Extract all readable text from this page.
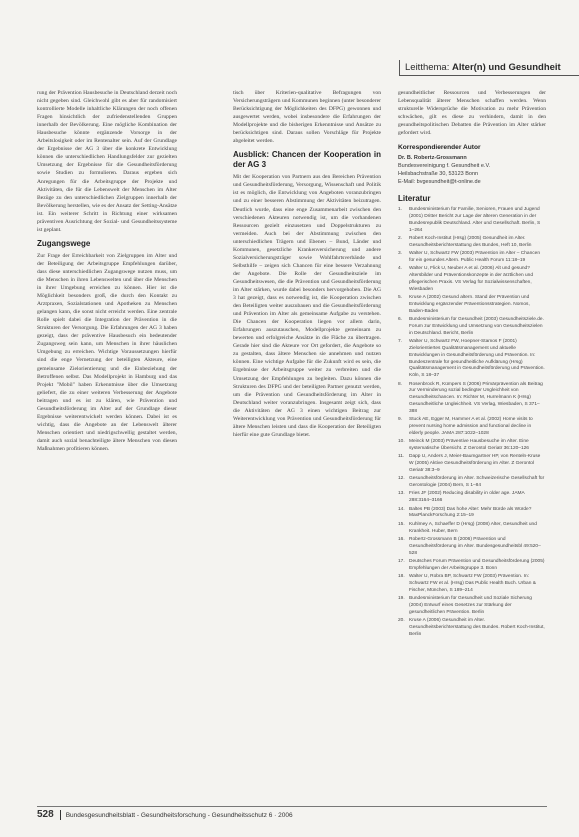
Leitthema: Alter(n) und Gesundheit

rung der Prävention Hausbesuche in Deutschland derzeit noch nicht gegeben sind. Gleichwohl gibt es aber für randomisiert kontrollierte Modelle inhaltliche Klärungen der noch offenen Fragen hinsichtlich der zufriedenstellenden Gruppen innerhalb der Bevölkerung. Eine mögliche Kombination der Hausbesuche könnte ergänzende Vorsorge in der Arbeitslosigkeit oder im Rentenalter sein. Auf der Grundlage der Ergebnisse der AG 3 über die konkrete Entwicklung können die unterschiedlichen Handlungsfelder zur gezielten Umsetzung der Ergebnisse für die Gesundheitsförderung sowie Studien zu formulieren. Daraus ergeben sich Anregungen für die Arbeitsgruppe der Projekte und Aktivitäten, die für die Lebenswelt der Menschen im Alter Bezüge zu den unterschiedlichen Zielgruppen innerhalb der Bevölkerung herstellen, wie es der Ansatz der Setting-Ansätze ist. Ein weiterer Schritt in Richtung einer wirksamen präventiven Ausrichtung der Sozial- und Gesundheitssysteme ist geplant.

Zugangswege

Zur Frage der Erreichbarkeit von Zielgruppen im Alter und der Beteiligung der Arbeitsgruppe Empfehlungen darüber, dass diese unterschiedlichen Zugangswege nutzen muss, um die Menschen in ihren Lebenswelten und über die Menschen in ihrer Umgebung erreichen zu können. Hier ist die Möglichkeit besonders groß, die durch den Kontakt zu Arztpraxen, Sozialstationen und Apotheken zu Menschen gelangen kann, die sonst nicht erreicht werden. Eine zentrale Rolle spielt dabei die Integration der Prävention in die Strukturen der Versorgung. Die Erfahrungen der AG 3 haben gezeigt, dass der präventive Hausbesuch ein bedeutender Zugangsweg sein kann, um Menschen in ihrer häuslichen Umgebung zu erreichen. Wichtige Voraussetzungen hierfür sind die enge Vernetzung der beteiligten Akteure, eine gemeinsame Zielorientierung und die Einbeziehung der Betroffenen selbst. Das Modellprojekt in Hamburg und das Projekt "Mobil" haben Erkenntnisse über die Umsetzung geliefert, die zu einer weiteren Verbesserung der Angebote beitragen und es ist zu klären, wie Prävention und Gesundheitsförderung im Alter auf der Grundlage dieser Ergebnisse weiterentwickelt werden können. Dabei ist es wichtig, dass die Angebote an der Lebenswelt älterer Menschen orientiert und niedrigschwellig gestaltet werden, damit auch sozial benachteiligte ältere Menschen von diesen Maßnahmen profitieren können.

tisch über Kriterien-qualitative Befragungen von Versicherungsträgern und Kommunen beginnen (unter besonderer Berücksichtigung der Möglichkeiten des DFPG) gewonnen und ausgewertet werden, wobei insbesondere die Erfahrungen der Modellprojekte und die bisherigen Erkenntnisse und Ansätze zu berücksichtigen sind. Daraus sollen Vorschläge für Projekte abgeleitet werden.

Ausblick: Chancen der Kooperation in der AG 3

Mit der Kooperation von Partnern aus den Bereichen Prävention und Gesundheitsförderung, Versorgung, Wissenschaft und Politik ist es möglich, die Entwicklung von Angeboten voranzubringen und zu einer besseren Abstimmung der Aktivitäten beizutragen. Deutlich wurde, dass eine enge Zusammenarbeit zwischen den verschiedenen Akteuren notwendig ist, um die vorhandenen Ressourcen gezielt einzusetzen und Doppelstrukturen zu vermeiden. Auch bei der Abstimmung zwischen den unterschiedlichen Trägern und Ebenen – Bund, Länder und Kommunen, gesetzliche Krankenversicherung und andere Sozialversicherungsträger sowie Wohlfahrtsverbände und Selbsthilfe – zeigen sich Chancen für eine bessere Verzahnung der Angebote. Die Rolle der Gesundheitsziele im Gesundheitswesen, die die Prävention und Gesundheitsförderung im Alter stärken, wurde dabei besonders hervorgehoben. Die AG 3 hat gezeigt, dass es notwendig ist, die Kooperation zwischen den Beteiligten weiter auszubauen und die Gesundheitsförderung und Prävention im Alter als gemeinsame Aufgabe zu verstehen. Die Chancen der Kooperation liegen vor allem darin, Erfahrungen auszutauschen, Modellprojekte gemeinsam zu bewerten und erfolgreiche Ansätze in die Fläche zu übertragen. Gerade hier sind die Akteure vor Ort gefordert, die Angebote so zu gestalten, dass ältere Menschen sie annehmen und nutzen können. Eine wichtige Aufgabe für die Zukunft wird es sein, die Ergebnisse der Arbeitsgruppe weiter zu verbreiten und die Umsetzung der Empfehlungen zu begleiten. Dazu können die Strukturen des DFPG und der beteiligten Partner genutzt werden, um die Prävention und Gesundheitsförderung im Alter in Deutschland weiter voranzubringen. Insgesamt zeigt sich, dass die Aktivitäten der AG 3 einen wichtigen Beitrag zur Weiterentwicklung von Prävention und Gesundheitsförderung für ältere Menschen leisten und dass die Kooperation der Beteiligten hierfür eine gute Grundlage bietet.

gesundheitlicher Ressourcen und Verbesserungen der Lebensqualität älterer Menschen schaffen werden. Wenn strukturelle Widersprüche die Motivation zu mehr Prävention schwächen, gilt es diese zu verhindern, damit in den gesundheitspolitischen Debatten die Prävention im Alter stärker gefordert wird.

Korrespondierender Autor
Dr. B. Robertz-Grossmann
Bundesvereinigung f. Gesundheit e.V.
Heilsbachstraße 30, 53123 Bonn
E-Mail: bvgesundheit@t-online.de
Literatur
1. Bundesministerium für Familie, Senioren, Frauen und Jugend (2001) Dritter Bericht zur Lage der älteren Generation in der Bundesrepublik Deutschland. Alter und Gesellschaft. Berlin, S 1–264
2. Robert Koch-Institut (Hrsg) (2005) Gesundheit im Alter. Gesundheitsberichterstattung des Bundes, Heft 10, Berlin
3. Walter U, Schwartz FW (2003) Prävention im Alter – Chancen für ein gesundes Altern. Public Health Forum 11:18–19
4. Walter U, Flick U, Neuber A et al. (2006) Alt und gesund? Altersbilder und Präventionskonzepte in der ärztlichen und pflegerischen Praxis. VS Verlag für Sozialwissenschaften, Wiesbaden
5. Kruse A (2002) Gesund altern. Stand der Prävention und Entwicklung ergänzender Präventionsstrategien. Nomos, Baden-Baden
6. Bundesministerium für Gesundheit (2003) Gesundheitsziele.de. Forum zur Entwicklung und Umsetzung von Gesundheitszielen in Deutschland. Bericht, Berlin
7. Walter U, Schwartz FW, Hoepner-Stamos F (2001) Zielorientiertes Qualitätsmanagement und aktuelle Entwicklungen in Gesundheitsförderung und Prävention. In: Bundeszentrale für gesundheitliche Aufklärung (Hrsg) Qualitätsmanagement in Gesundheitsförderung und Prävention. Köln, S 18–37
8. Rosenbrock R, Kümpers S (2006) Primärprävention als Beitrag zur Verminderung sozial bedingter Ungleichheit von Gesundheitschancen. In: Richter M, Hurrelmann K (Hrsg) Gesundheitliche Ungleichheit. VS Verlag, Wiesbaden, S 371–388
9. Stuck AE, Egger M, Hammer A et al. (2002) Home visits to prevent nursing home admission and functional decline in elderly people. JAMA 287:1022–1028
10. Meinck M (2003) Präventive Hausbesuche im Alter. Eine systematische Übersicht. Z Gerontol Geriatr 36:120–126
11. Dapp U, Anders J, Meier-Baumgartner HP, von Renteln-Kruse W (2005) Aktive Gesundheitsförderung im Alter. Z Gerontol Geriatr 38:3–9
12. Gesundheitsförderung im Alter. Schweizerische Gesellschaft für Gerontologie (2004) Bern, S 1–84
13. Fries JF (2002) Reducing disability in older age. JAMA 288:3164–3166
14. Baltes PB (2003) Das hohe Alter: Mehr Bürde als Würde? MaxPlanckForschung 2:15–19
15. Kuhlmey A, Schaeffer D (Hrsg) (2008) Alter, Gesundheit und Krankheit. Huber, Bern
16. Robertz-Grossmann B (2006) Prävention und Gesundheitsförderung im Alter. Bundesgesundheitsbl 49:520–528
17. Deutsches Forum Prävention und Gesundheitsförderung (2005) Empfehlungen der Arbeitsgruppe 3. Bonn
18. Walter U, Robra BP, Schwartz FW (2003) Prävention. In: Schwartz FW et al. (Hrsg) Das Public Health Buch. Urban & Fischer, München, S 189–214
19. Bundesministerium für Gesundheit und Soziale Sicherung (2004) Entwurf eines Gesetzes zur Stärkung der gesundheitlichen Prävention. Berlin
20. Kruse A (2006) Gesundheit im Alter. Gesundheitsberichterstattung des Bundes. Robert Koch-Institut, Berlin
528 Bundesgesundheitsblatt - Gesundheitsforschung - Gesundheitsschutz 6 · 2006
